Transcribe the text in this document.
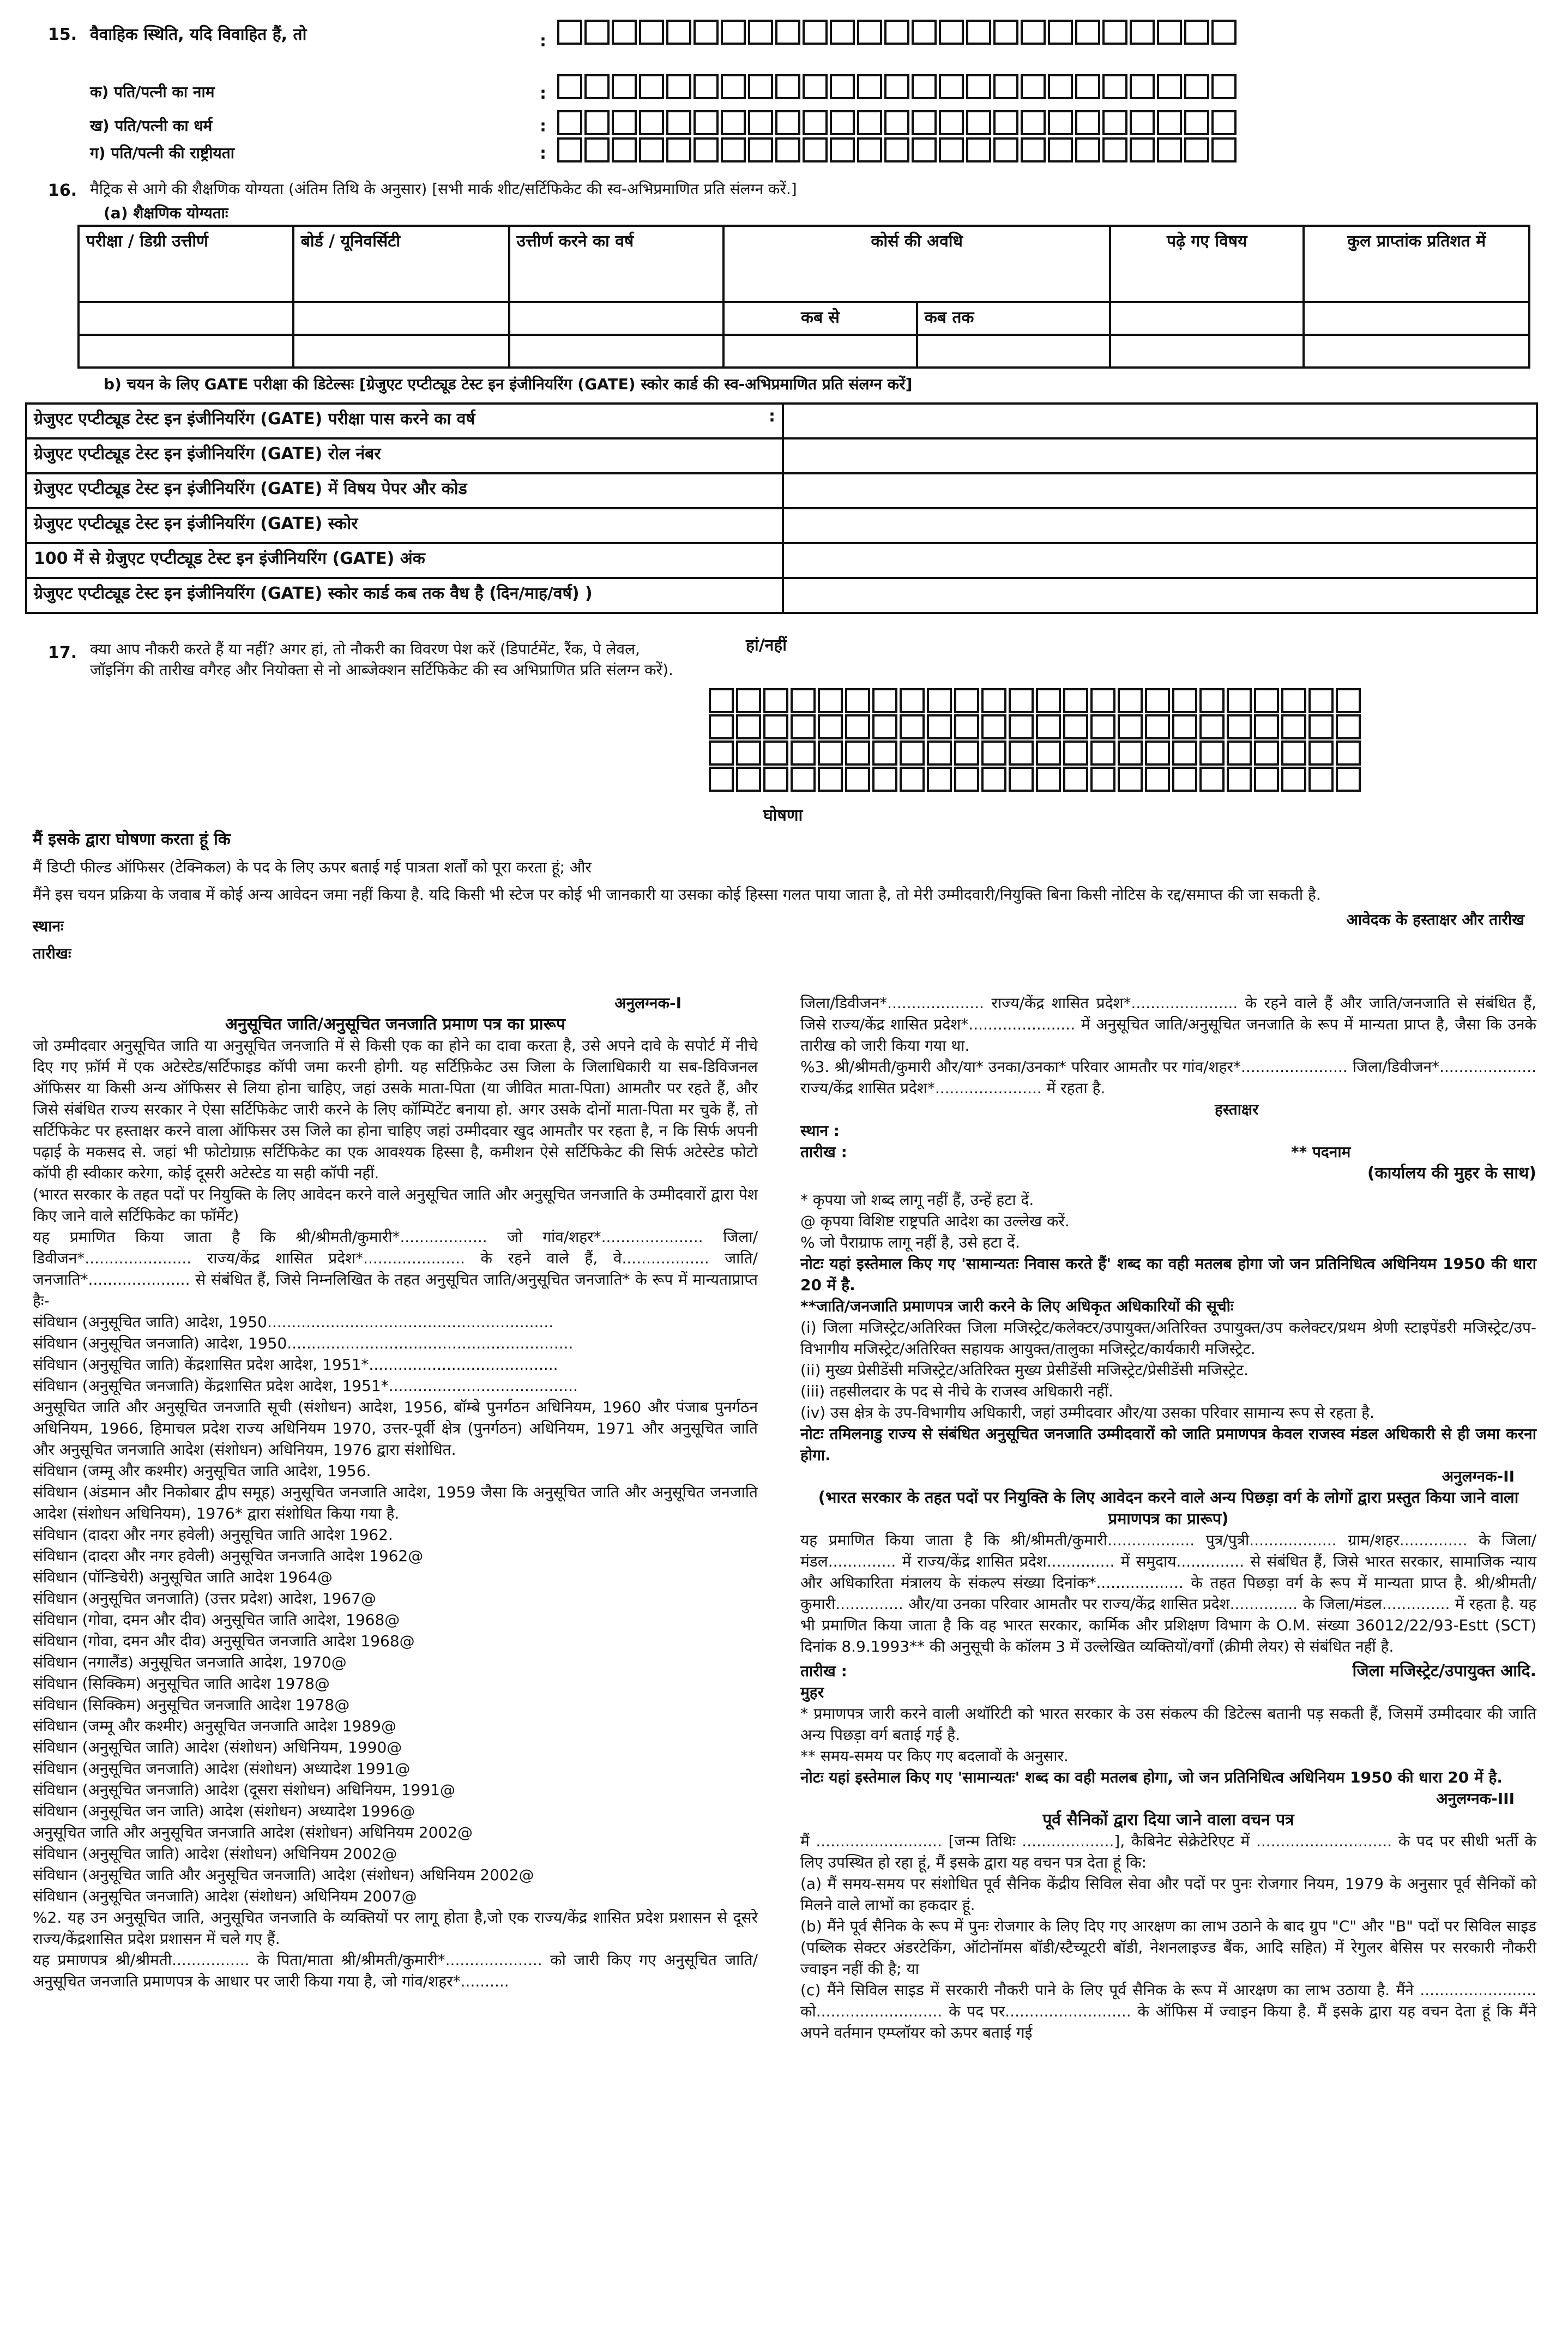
15. वैवाहिक स्थिति, यदि विवाहित हैं, तो	:
क) पति/पत्नी का नाम	:
ख) पति/पत्नी का धर्म	:
ग) पति/पत्नी की राष्ट्रीयता	:
16. मैट्रिक से आगे की शैक्षणिक योग्यता (अंतिम तिथि के अनुसार) [सभी मार्क शीट/सर्टिफिकेट की स्व-अभिप्रमाणित प्रति संलग्न करें.]
(a) शैक्षणिक योग्यताः
परीक्षा / डिग्री उत्तीर्ण	बोर्ड / यूनिवर्सिटी	उत्तीर्ण करने का वर्ष	कोर्स की अवधि		पढ़े गए विषय	कुल प्राप्तांक प्रतिशत में

			कब से	कब तक		

b) चयन के लिए GATE परीक्षा की डिटेल्सः [ग्रेजुएट एप्टीट्यूड टेस्ट इन इंजीनियरिंग (GATE) स्कोर कार्ड की स्व-अभिप्रमाणित प्रति संलग्न करें]
ग्रेजुएट एप्टीट्यूड टेस्ट इन इंजीनियरिंग (GATE) परीक्षा पास करने का वर्ष :	

ग्रेजुएट एप्टीट्यूड टेस्ट इन इंजीनियरिंग (GATE) रोल नंबर	
ग्रेजुएट एप्टीट्यूड टेस्ट इन इंजीनियरिंग (GATE) में विषय पेपर और कोड	
ग्रेजुएट एप्टीट्यूड टेस्ट इन इंजीनियरिंग (GATE) स्कोर	
100 में से ग्रेजुएट एप्टीट्यूड टेस्ट इन इंजीनियरिंग (GATE) अंक	
ग्रेजुएट एप्टीट्यूड टेस्ट इन इंजीनियरिंग (GATE) स्कोर कार्ड कब तक वैध है (दिन/माह/वर्ष) )	
17. क्या आप नौकरी करते हैं या नहीं? अगर हां, तो नौकरी का विवरण पेश करें (डिपार्टमेंट, रैंक, पे लेवल, जॉइनिंग की तारीख वगैरह और नियोक्ता से नो आब्जेक्शन सर्टिफिकेट की स्व अभिप्राणित प्रति संलग्न करें).
हां/नहीं
घोषणा
मैं इसके द्वारा घोषणा करता हूं कि
मैं डिप्टी फील्ड ऑफिसर (टेक्निकल) के पद के लिए ऊपर बताई गई पात्रता शर्तों को पूरा करता हूं; और
मैंने इस चयन प्रक्रिया के जवाब में कोई अन्य आवेदन जमा नहीं किया है. यदि किसी भी स्टेज पर कोई भी जानकारी या उसका कोई हिस्सा गलत पाया जाता है, तो मेरी उम्मीदवारी/नियुक्ति बिना किसी नोटिस के रद्द/समाप्त की जा सकती है.
स्थानः	आवेदक के हस्ताक्षर और तारीख
तारीखः
अनुलग्नक-I
अनुसूचित जाति/अनुसूचित जनजाति प्रमाण पत्र का प्रारूप

जो उम्मीदवार अनुसूचित जाति या अनुसूचित जनजाति में से किसी एक का होने का दावा करता है, उसे अपने दावे के सपोर्ट में नीचे दिए गए फ़ॉर्म में एक अटेस्टेड/सर्टिफाइड कॉपी जमा करनी होगी. यह सर्टिफ़िकेट उस जिला के जिलाधिकारी या सब-डिविजनल ऑफिसर या किसी अन्य ऑफिसर से लिया होना चाहिए, जहां उसके माता-पिता (या जीवित माता-पिता) आमतौर पर रहते हैं, और जिसे संबंधित राज्य सरकार ने ऐसा सर्टिफिकेट जारी करने के लिए कॉम्पिटेंट बनाया हो. अगर उसके दोनों माता-पिता मर चुके हैं, तो सर्टिफिकेट पर हस्ताक्षर करने वाला ऑफिसर उस जिले का होना चाहिए जहां उम्मीदवार खुद आमतौर पर रहता है, न कि सिर्फ अपनी पढ़ाई के मकसद से. जहां भी फोटोग्राफ़ सर्टिफिकेट का एक आवश्यक हिस्सा है, कमीशन ऐसे सर्टिफिकेट की सिर्फ अटेस्टेड फोटो कॉपी ही स्वीकार करेगा, कोई दूसरी अटेस्टेड या सही कॉपी नहीं.

(भारत सरकार के तहत पदों पर नियुक्ति के लिए आवेदन करने वाले अनुसूचित जाति और अनुसूचित जनजाति के उम्मीदवारों द्वारा पेश किए जाने वाले सर्टिफिकेट का फॉर्मेट)

यह प्रमाणित किया जाता है कि श्री/श्रीमती/कुमारी*.................. जो गांव/शहर*..................... जिला/डिवीजन*...................... राज्य/केंद्र शासित प्रदेश*..................... के रहने वाले हैं, वे.................. जाति/जनजाति*..................... से संबंधित हैं, जिसे निम्नलिखित के तहत अनुसूचित जाति/अनुसूचित जनजाति* के रूप में मान्यताप्राप्त हैः-

संविधान (अनुसूचित जाति) आदेश, 1950...........................................................

संविधान (अनुसूचित जनजाति) आदेश, 1950...........................................................

संविधान (अनुसूचित जाति) केंद्रशासित प्रदेश आदेश, 1951*.......................................

संविधान (अनुसूचित जनजाति) केंद्रशासित प्रदेश आदेश, 1951*.......................................

अनुसूचित जाति और अनुसूचित जनजाति सूची (संशोधन) आदेश, 1956, बॉम्बे पुनर्गठन अधिनियम, 1960 और पंजाब पुनर्गठन अधिनियम, 1966, हिमाचल प्रदेश राज्य अधिनियम 1970, उत्तर-पूर्वी क्षेत्र (पुनर्गठन) अधिनियम, 1971 और अनुसूचित जाति और अनुसूचित जनजाति आदेश (संशोधन) अधिनियम, 1976 द्वारा संशोधित.

संविधान (जम्मू और कश्मीर) अनुसूचित जाति आदेश, 1956.

संविधान (अंडमान और निकोबार द्वीप समूह) अनुसूचित जनजाति आदेश, 1959 जैसा कि अनुसूचित जाति और अनुसूचित जनजाति आदेश (संशोधन अधिनियम), 1976* द्वारा संशोधित किया गया है.

संविधान (दादरा और नगर हवेली) अनुसूचित जाति आदेश 1962.

संविधान (दादरा और नगर हवेली) अनुसूचित जनजाति आदेश 1962@

संविधान (पॉन्डिचेरी) अनुसूचित जाति आदेश 1964@

संविधान (अनुसूचित जनजाति) (उत्तर प्रदेश) आदेश, 1967@

संविधान (गोवा, दमन और दीव) अनुसूचित जाति आदेश, 1968@

संविधान (गोवा, दमन और दीव) अनुसूचित जनजाति आदेश 1968@

संविधान (नगालैंड) अनुसूचित जनजाति आदेश, 1970@

संविधान (सिक्किम) अनुसूचित जाति आदेश 1978@

संविधान (सिक्किम) अनुसूचित जनजाति आदेश 1978@

संविधान (जम्मू और कश्मीर) अनुसूचित जनजाति आदेश 1989@

संविधान (अनुसूचित जाति) आदेश (संशोधन) अधिनियम, 1990@

संविधान (अनुसूचित जनजाति) आदेश (संशोधन) अध्यादेश 1991@

संविधान (अनुसूचित जनजाति) आदेश (दूसरा संशोधन) अधिनियम, 1991@

संविधान (अनुसूचित जन जाति) आदेश (संशोधन) अध्यादेश 1996@

अनुसूचित जाति और अनुसूचित जनजाति आदेश (संशोधन) अधिनियम 2002@

संविधान (अनुसूचित जाति) आदेश (संशोधन) अधिनियम 2002@

संविधान (अनुसूचित जाति और अनुसूचित जनजाति) आदेश (संशोधन) अधिनियम 2002@

संविधान (अनुसूचित जनजाति) आदेश (संशोधन) अधिनियम 2007@

%2. यह उन अनुसूचित जाति, अनुसूचित जनजाति के व्यक्तियों पर लागू होता है,जो एक राज्य/केंद्र शासित प्रदेश प्रशासन से दूसरे राज्य/केंद्रशासित प्रदेश प्रशासन में चले गए हैं.

यह प्रमाणपत्र श्री/श्रीमती................ के पिता/माता श्री/श्रीमती/कुमारी*.................... को जारी किए गए अनुसूचित जाति/अनुसूचित जनजाति प्रमाणपत्र के आधार पर जारी किया गया है, जो गांव/शहर*..........

जिला/डिवीजन*.................... राज्य/केंद्र शासित प्रदेश*...................... के रहने वाले हैं और जाति/जनजाति से संबंधित हैं, जिसे राज्य/केंद्र शासित प्रदेश*...................... में अनुसूचित जाति/अनुसूचित जनजाति के रूप में मान्यता प्राप्त है, जैसा कि उनके तारीख को जारी किया गया था.

%3. श्री/श्रीमती/कुमारी और/या* उनका/उनका* परिवार आमतौर पर गांव/शहर*...................... जिला/डिवीजन*.................... राज्य/केंद्र शासित प्रदेश*...................... में रहता है.

हस्ताक्षर
स्थान :
तारीख :	** पदनाम
(कार्यालय की मुहर के साथ)

* कृपया जो शब्द लागू नहीं हैं, उन्हें हटा दें.

@ कृपया विशिष्ट राष्ट्रपति आदेश का उल्लेख करें.

% जो पैराग्राफ लागू नहीं है, उसे हटा दें.

नोटः यहां इस्तेमाल किए गए 'सामान्यतः निवास करते हैं' शब्द का वही मतलब होगा जो जन प्रतिनिधित्व अधिनियम 1950 की धारा 20 में है.

**जाति/जनजाति प्रमाणपत्र जारी करने के लिए अधिकृत अधिकारियों की सूचीः

(i) जिला मजिस्ट्रेट/अतिरिक्त जिला मजिस्ट्रेट/कलेक्टर/उपायुक्त/अतिरिक्त उपायुक्त/उप कलेक्टर/प्रथम श्रेणी स्टाइपेंडरी मजिस्ट्रेट/उप-विभागीय मजिस्ट्रेट/अतिरिक्त सहायक आयुक्त/तालुका मजिस्ट्रेट/कार्यकारी मजिस्ट्रेट.

(ii) मुख्य प्रेसीडेंसी मजिस्ट्रेट/अतिरिक्त मुख्य प्रेसीडेंसी मजिस्ट्रेट/प्रेसीडेंसी मजिस्ट्रेट.

(iii) तहसीलदार के पद से नीचे के राजस्व अधिकारी नहीं.

(iv) उस क्षेत्र के उप-विभागीय अधिकारी, जहां उम्मीदवार और/या उसका परिवार सामान्य रूप से रहता है.

नोटः तमिलनाडु राज्य से संबंधित अनुसूचित जनजाति उम्मीदवारों को जाति प्रमाणपत्र केवल राजस्व मंडल अधिकारी से ही जमा करना होगा.

अनुलग्नक-II
(भारत सरकार के तहत पदों पर नियुक्ति के लिए आवेदन करने वाले अन्य पिछड़ा वर्ग के लोगों द्वारा प्रस्तुत किया जाने वाला प्रमाणपत्र का प्रारूप)

यह प्रमाणित किया जाता है कि श्री/श्रीमती/कुमारी.................. पुत्र/पुत्री.................. ग्राम/शहर.............. के जिला/मंडल.............. में राज्य/केंद्र शासित प्रदेश.............. में समुदाय.............. से संबंधित हैं, जिसे भारत सरकार, सामाजिक न्याय और अधिकारिता मंत्रालय के संकल्प संख्या दिनांक*.................. के तहत पिछड़ा वर्ग के रूप में मान्यता प्राप्त है. श्री/श्रीमती/कुमारी.............. और/या उनका परिवार आमतौर पर राज्य/केंद्र शासित प्रदेश.............. के जिला/मंडल.............. में रहता है. यह भी प्रमाणित किया जाता है कि वह भारत सरकार, कार्मिक और प्रशिक्षण विभाग के O.M. संख्या 36012/22/93-Estt (SCT) दिनांक 8.9.1993** की अनुसूची के कॉलम 3 में उल्लेखित व्यक्तियों/वर्गों (क्रीमी लेयर) से संबंधित नहीं है.

तारीख :	जिला मजिस्ट्रेट/उपायुक्त आदि.
मुहर

* प्रमाणपत्र जारी करने वाली अथॉरिटी को भारत सरकार के उस संकल्प की डिटेल्स बतानी पड़ सकती हैं, जिसमें उम्मीदवार की जाति अन्य पिछड़ा वर्ग बताई गई है.

** समय-समय पर किए गए बदलावों के अनुसार.

नोटः यहां इस्तेमाल किए गए 'सामान्यतः' शब्द का वही मतलब होगा, जो जन प्रतिनिधित्व अधिनियम 1950 की धारा 20 में है.

अनुलग्नक-III
पूर्व सैनिकों द्वारा दिया जाने वाला वचन पत्र

मैं .......................... [जन्म तिथिः ...................], कैबिनेट सेक्रेटेरिएट में ............................ के पद पर सीधी भर्ती के लिए उपस्थित हो रहा हूं, मैं इसके द्वारा यह वचन पत्र देता हूं कि:

(a) मैं समय-समय पर संशोधित पूर्व सैनिक केंद्रीय सिविल सेवा और पदों पर पुनः रोजगार नियम, 1979 के अनुसार पूर्व सैनिकों को मिलने वाले लाभों का हकदार हूं.

(b) मैंने पूर्व सैनिक के रूप में पुनः रोजगार के लिए दिए गए आरक्षण का लाभ उठाने के बाद ग्रुप "C" और "B" पदों पर सिविल साइड (पब्लिक सेक्टर अंडरटेकिंग, ऑटोनॉमस बॉडी/स्टैच्यूटरी बॉडी, नेशनलाइज्ड बैंक, आदि सहित) में रेगुलर बेसिस पर सरकारी नौकरी ज्वाइन नहीं की है; या

(c) मैंने सिविल साइड में सरकारी नौकरी पाने के लिए पूर्व सैनिक के रूप में आरक्षण का लाभ उठाया है. मैंने ........................ को.......................... के पद पर.......................... के ऑफिस में ज्वाइन किया है. मैं इसके द्वारा यह वचन देता हूं कि मैंने अपने वर्तमान एम्प्लॉयर को ऊपर बताई गई
